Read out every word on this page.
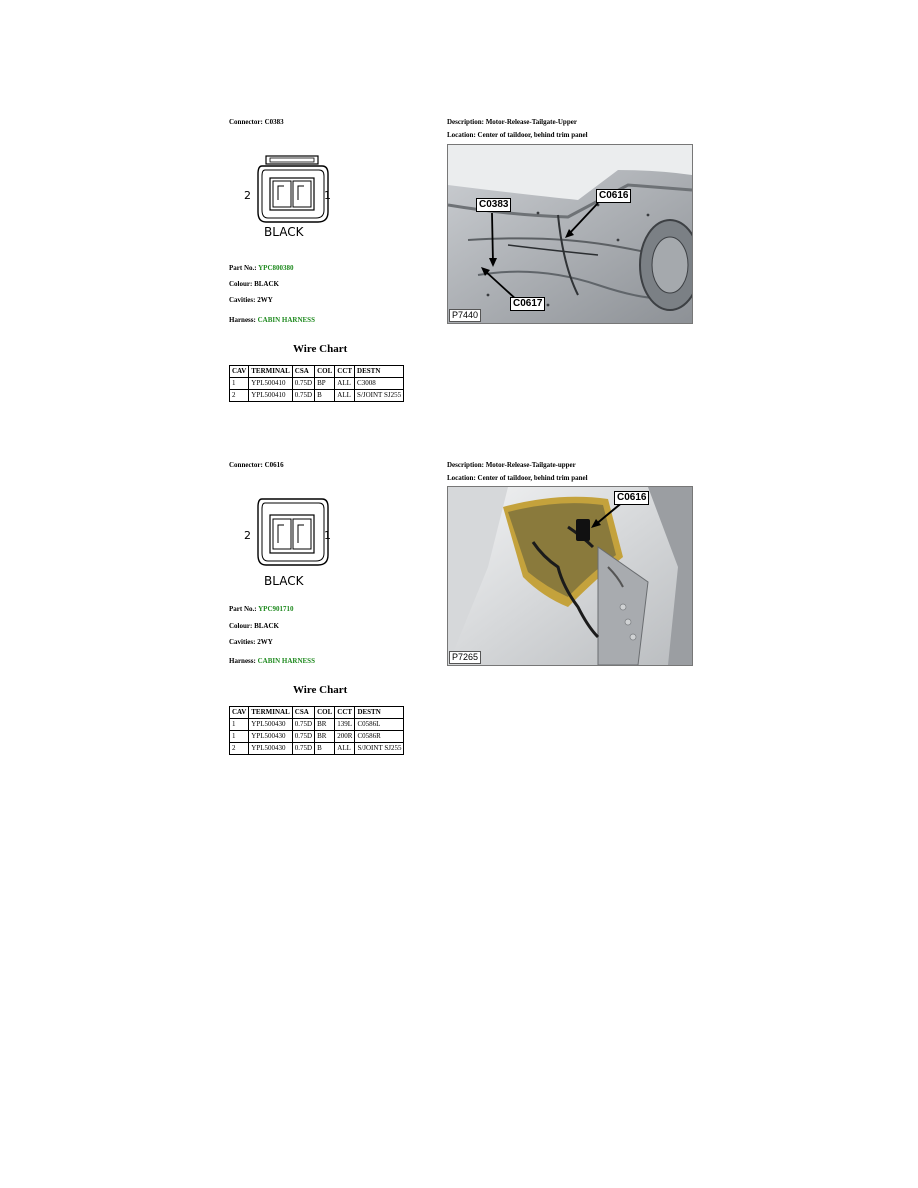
Connector: C0383	Description: Motor-Release-Tailgate-Upper
Location: Center of taildoor, behind trim panel
BLACK
2	1
Part No.: YPC800380
Colour: BLACK
Cavities: 2WY
Harness: CABIN HARNESS
Wire Chart
CAV	TERMINAL	CSA	COL	CCT	DESTN
1	YPL500410	0.75D	BP	ALL	C3008
2	YPL500410	0.75D	B	ALL	S/JOINT SJ255
C0616
C0383
C0617
P7440
Connector: C0616	Description: Motor-Release-Tailgate-upper
Location: Center of taildoor, behind trim panel
BLACK
2	1
Part No.: YPC901710
Colour: BLACK
Cavities: 2WY
Harness: CABIN HARNESS
Wire Chart
CAV	TERMINAL	CSA	COL	CCT	DESTN
1	YPL500430	0.75D	BR	139L	C0586L
1	YPL500430	0.75D	BR	200R	C0586R
2	YPL500430	0.75D	B	ALL	S/JOINT SJ255
C0616
P7265
